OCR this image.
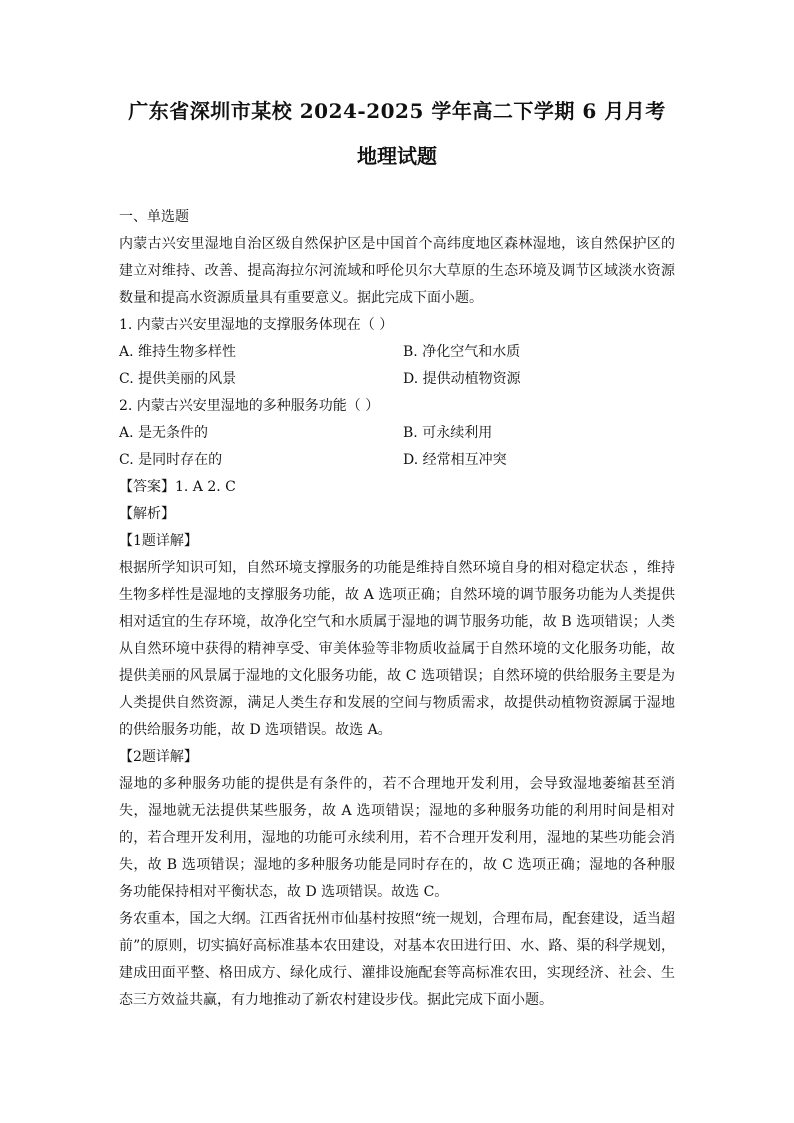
广东省深圳市某校 2024-2025 学年高二下学期 6 月月考
地理试题

一、单选题

内蒙古兴安里湿地自治区级自然保护区是中国首个高纬度地区森林湿地，该自然保护区的建立对维持、改善、提高海拉尔河流域和呼伦贝尔大草原的生态环境及调节区域淡水资源数量和提高水资源质量具有重要意义。据此完成下面小题。

1. 内蒙古兴安里湿地的支撑服务体现在（ ）

A. 维持生物多样性	B. 净化空气和水质
C. 提供美丽的风景	D. 提供动植物资源

2. 内蒙古兴安里湿地的多种服务功能（ ）

A. 是无条件的	B. 可永续利用
C. 是同时存在的	D. 经常相互冲突

【答案】1. A 2. C

【解析】

【1题详解】

根据所学知识可知，自然环境支撑服务的功能是维持自然环境自身的相对稳定状态 ，维持生物多样性是湿地的支撑服务功能，故 A 选项正确；自然环境的调节服务功能为人类提供相对适宜的生存环境，故净化空气和水质属于湿地的调节服务功能，故 B 选项错误；人类从自然环境中获得的精神享受、审美体验等非物质收益属于自然环境的文化服务功能，故提供美丽的风景属于湿地的文化服务功能，故 C 选项错误；自然环境的供给服务主要是为人类提供自然资源，满足人类生存和发展的空间与物质需求，故提供动植物资源属于湿地的供给服务功能，故 D 选项错误。故选 A。

【2题详解】

湿地的多种服务功能的提供是有条件的，若不合理地开发利用，会导致湿地萎缩甚至消失，湿地就无法提供某些服务，故 A 选项错误；湿地的多种服务功能的利用时间是相对的，若合理开发利用，湿地的功能可永续利用，若不合理开发利用，湿地的某些功能会消失，故 B 选项错误；湿地的多种服务功能是同时存在的，故 C 选项正确；湿地的各种服务功能保持相对平衡状态，故 D 选项错误。故选 C。

务农重本，国之大纲。江西省抚州市仙基村按照“统一规划，合理布局，配套建设，适当超前”的原则，切实搞好高标准基本农田建设，对基本农田进行田、水、路、渠的科学规划，建成田面平整、格田成方、绿化成行、灌排设施配套等高标准农田，实现经济、社会、生态三方效益共赢，有力地推动了新农村建设步伐。据此完成下面小题。
